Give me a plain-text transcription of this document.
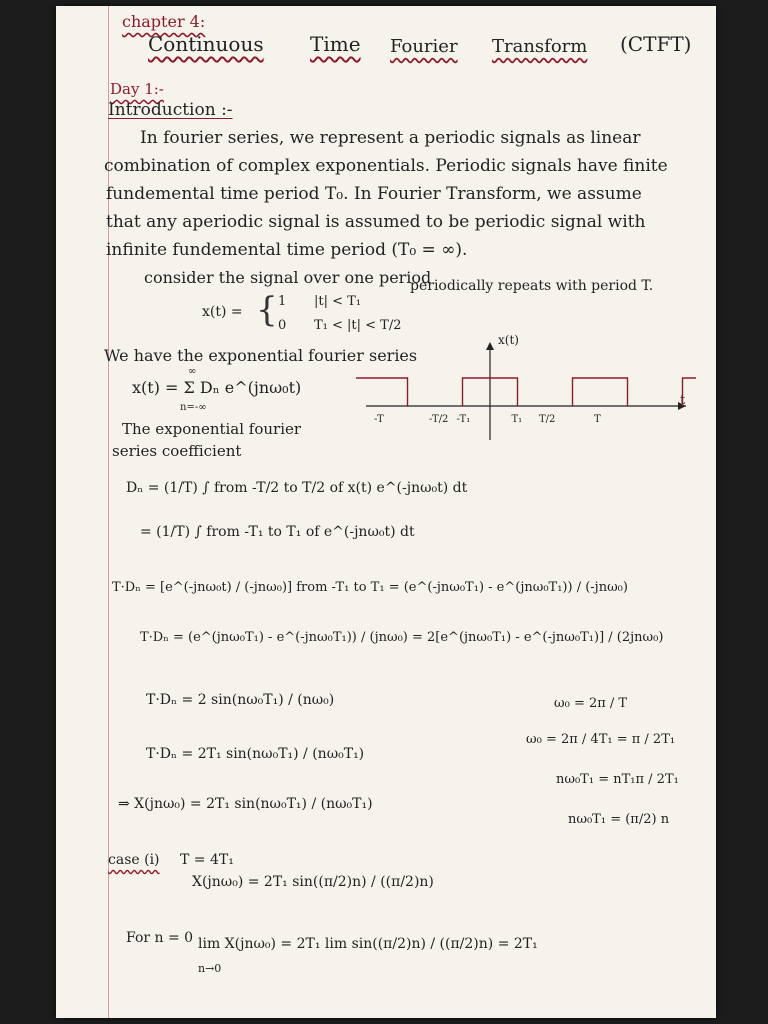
chapter 4:
Continuous Time Fourier Transform (CTFT)
Day 1:-
Introduction :-
In fourier series, we represent a periodic signals as linear
combination of complex exponentials. Periodic signals have finite
fundemental time period T₀. In Fourier Transform, we assume
that any aperiodic signal is assumed to be periodic signal with
infinite fundemental time period (T₀ = ∞).
consider the signal over one period
x(t) = { 1 |t| < T₁
0 T₁ < |t| < T/2
periodically repeats with period T.
We have the exponential fourier series
x(t) = Σ Dₙ e^(jnω₀t)
∞
n=-∞
The exponential fourier
series coefficient
x(t)
t
-T	-T/2 -T₁	T₁ T/2	T
Dₙ = (1/T) ∫ from -T/2 to T/2 of x(t) e^(-jnω₀t) dt
= (1/T) ∫ from -T₁ to T₁ of e^(-jnω₀t) dt
T·Dₙ = [e^(-jnω₀t) / (-jnω₀)] from -T₁ to T₁ = (e^(-jnω₀T₁) - e^(jnω₀T₁)) / (-jnω₀)
T·Dₙ = (e^(jnω₀T₁) - e^(-jnω₀T₁)) / (jnω₀) = 2[e^(jnω₀T₁) - e^(-jnω₀T₁)] / (2jnω₀)
T·Dₙ = 2 sin(nω₀T₁) / (nω₀)
T·Dₙ = 2T₁ sin(nω₀T₁) / (nω₀T₁)
⇒ X(jnω₀) = 2T₁ sin(nω₀T₁) / (nω₀T₁)
ω₀ = 2π / T
ω₀ = 2π / 4T₁ = π / 2T₁
nω₀T₁ = nT₁π / 2T₁
nω₀T₁ = (π/2) n
case (i) T = 4T₁
X(jnω₀) = 2T₁ sin((π/2)n) / ((π/2)n)
For n = 0 lim X(jnω₀) = 2T₁ lim sin((π/2)n) / ((π/2)n) = 2T₁
n→0
